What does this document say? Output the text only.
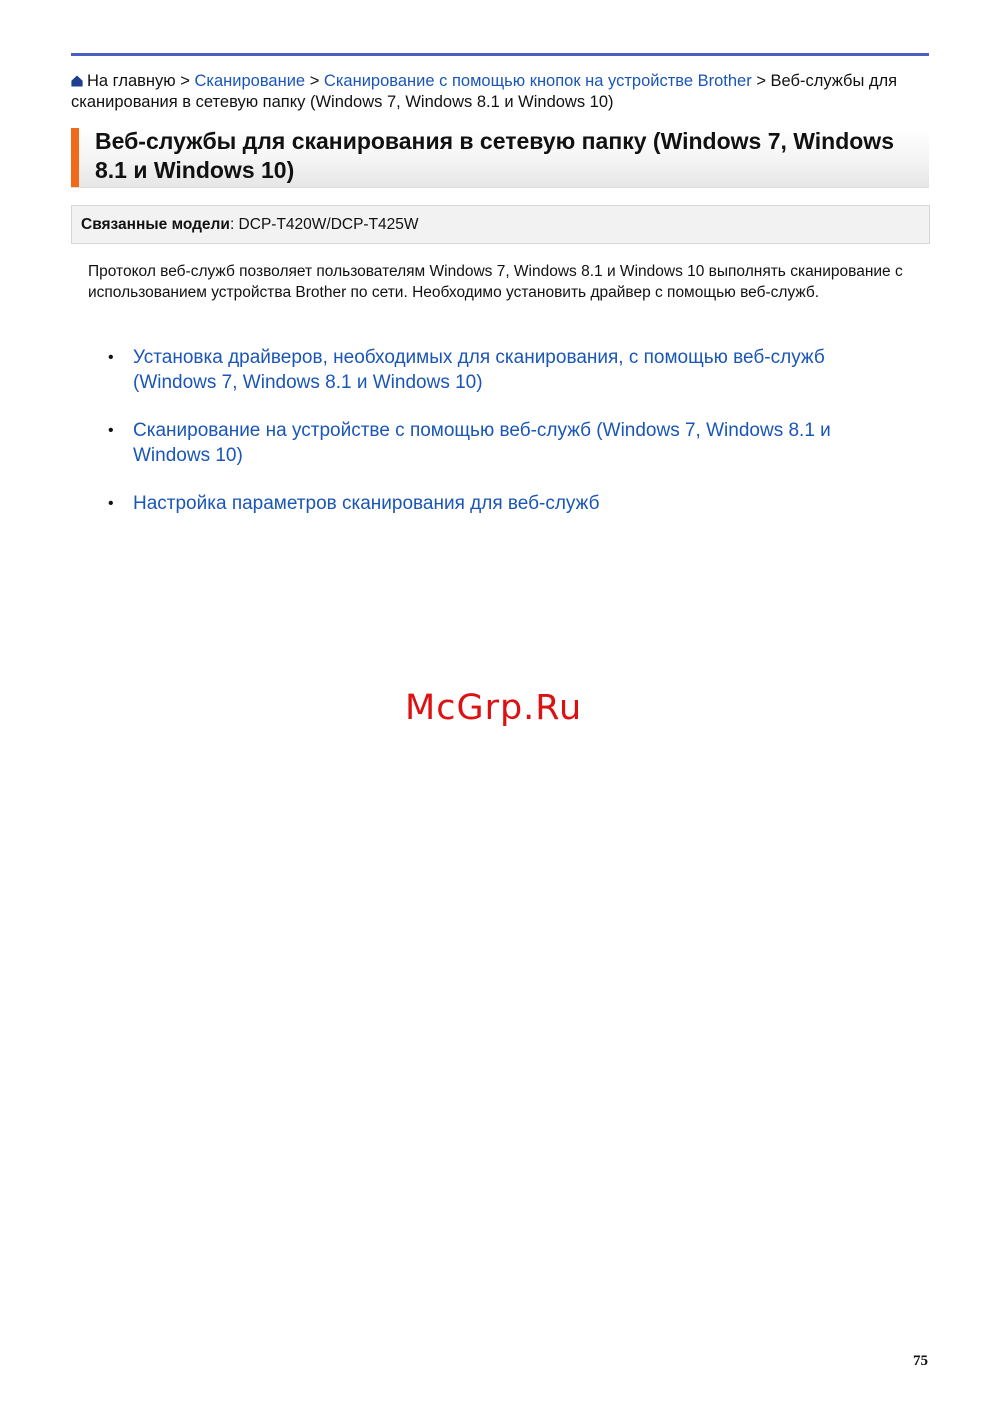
На главную > Сканирование > Сканирование с помощью кнопок на устройстве Brother > Веб-службы для сканирования в сетевую папку (Windows 7, Windows 8.1 и Windows 10)
Веб-службы для сканирования в сетевую папку (Windows 7, Windows 8.1 и Windows 10)
Связанные модели: DCP-T420W/DCP-T425W
Протокол веб-служб позволяет пользователям Windows 7, Windows 8.1 и Windows 10 выполнять сканирование с использованием устройства Brother по сети. Необходимо установить драйвер с помощью веб-служб.
• Установка драйверов, необходимых для сканирования, с помощью веб-служб (Windows 7, Windows 8.1 и Windows 10)
• Сканирование на устройстве с помощью веб-служб (Windows 7, Windows 8.1 и Windows 10)
• Настройка параметров сканирования для веб-служб
McGrp.Ru
75
